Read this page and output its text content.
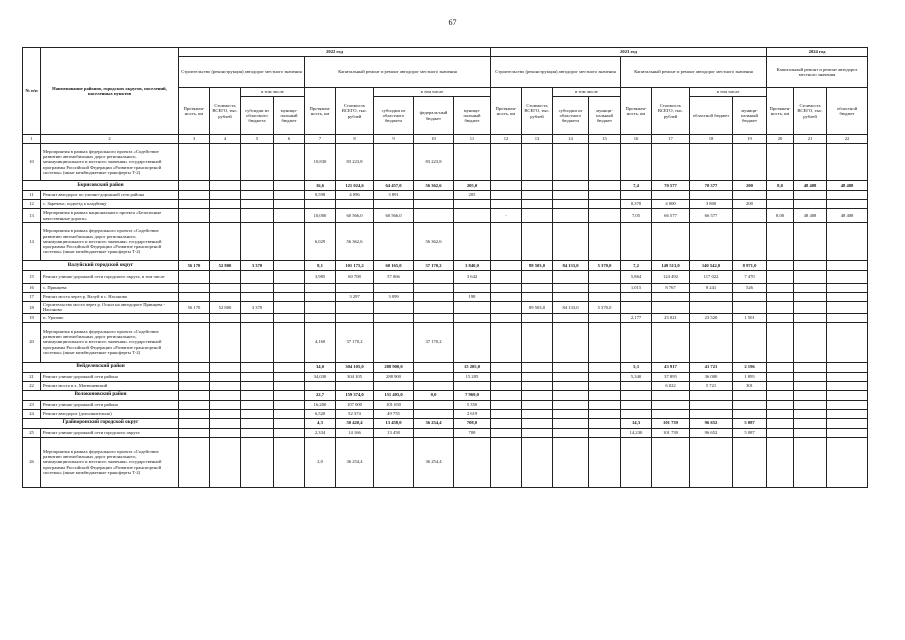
67
№ п/п	Наименование районов, городских округов, поселений, населенных пунктов	2022 год									2023 год								2024 год		
		Строительство (реконструкция) автодорог местного значения				Капитальный ремонт и ремонт автодорог местного значения					Строительство (реконструкция) автодорог местного значения				Капитальный ремонт и ремонт автодорог местного значения				Капитальный ремонт и ремонт автодорог местного значения		
		Протяжен-ность, км	Стоимость ВСЕГО, тыс. рублей	в том числе		Протяжен-ность, км	Стоимость ВСЕГО, тыс. рублей	в том числе			Протяжен-ность, км	Стоимость ВСЕГО, тыс. рублей	в том числе		Протяжен-ность, км	Стоимость ВСЕГО, тыс. рублей	в том числе		Протяжен-ность, км	Стоимость ВСЕГО, тыс. рублей	областной бюджет
				субсидии из областного бюджета	муници-пальный бюджет			субсидии из областного бюджета	федераль-ный бюджет	муници-пальный бюджет			субсидии из областного бюджета	муници-пальный бюджет			областной бюджет	муници-пальный бюджет			
1	2	3	4	5	6	7	8	9	10	11	12	13	14	15	16	17	18	19	20	21	22
10	Мероприятия в рамках федерального проекта «Содействие развитию автомобильных дорог регионального, межмуниципального и местного значения» государственной программы Российской Федерации «Развитие транспортной системы» (иные межбюджетные трансферты Т-2)					10,830	83 223,8		83 223,8												
Борисовский район						16,6	121 024,6	64 457,0	56 362,6	205,0					7,4	70 577	70 377	200	8,0	48 408	48 408
11	Ремонт автодорог по улично-дорожной сети района					0,598	4 096	3 891		205											
12	с. Зареченс, подъезд к кладбищу														0,370	4 000	3 800	200			
13	Мероприятия в рамках национального проекта «Безопасные качественные дороги»					10,000	60 566,0	60 566,0			-				7,05	66 577	66 577		8,00	48 408	48 408
14	Мероприятия в рамках федерального проекта «Содействие развитию автомобильных дорог регионального, межмуниципального и местного значения» государственной программы Российской Федерации «Развитие транспортной системы» (иные межбюджетные трансферты Т-2)					6,029	56 362,6		56 362,6												
Валуйский городской округ		56 170	52 800	3 370		8,1	101 175,2	60 165,0	37 170,2	3 840,0		89 503,0	84 133,0	5 370,0	7,2	149 513,0	140 542,0	8 971,0			
15	Ремонт улично-дорожной сети городского округа, в том числе					3,985	60 708	57 066		3 642					5,864	124 492	117 022	7 470			
16	с. Принцева														1,015	8 767	8 241	526			
17	Ремонт моста через р. Валуй в с. Насоново						3 297	3 099		198											
18	Строительство моста через р. Оскол на автодороге Принцева - Насоново	56 170	52 800	3 370								89 503,0	84 133,0	5 370,0							
19	п. Уразово														2,177	25 021	23 520	1 501			
20	Мероприятия в рамках федерального проекта «Содействие развитию автомобильных дорог регионального, межмуниципального и местного значения» государственной программы Российской Федерации «Развитие транспортной системы» (иные межбюджетные трансферты Т-2)					4,160	37 170,2		37 170,2												
Вейделевский район						34,0	304 105,0	288 900,0		15 205,0					5,3	43 917	41 721	2 196			
21	Ремонт улично-дорожной сети района					34,030	304 105	288 900		15 205					5,340	37 895	36 000	1 895			
22	Ремонт моста в х. Матюшевский															6 022	5 721	301			
Волоконовский район						22,7	159 374,0	151 405,0	0,0	7 969,0											
23	Ремонт улично-дорожной сети района					16,200	107 000	101 650		5 350											
24	Ремонт автодорог (дополнительно)					6,520	52 374	49 755		2 619											
Грайворонский городской округ						4,3	50 420,4	13 458,0	36 254,4	708,0					14,3	101 739	96 652	5 087			
25	Ремонт улично-дорожной сети городского округа					2,334	14 166	13 458		708					14,230	101 739	96 652	5 087			
26	Мероприятия в рамках федерального проекта «Содействие развитию автомобильных дорог регионального, межмуниципального и местного значения» государственной программы Российской Федерации «Развитие транспортной системы» (иные межбюджетные трансферты Т-2)					2,0	36 254,4		36 254,4												
